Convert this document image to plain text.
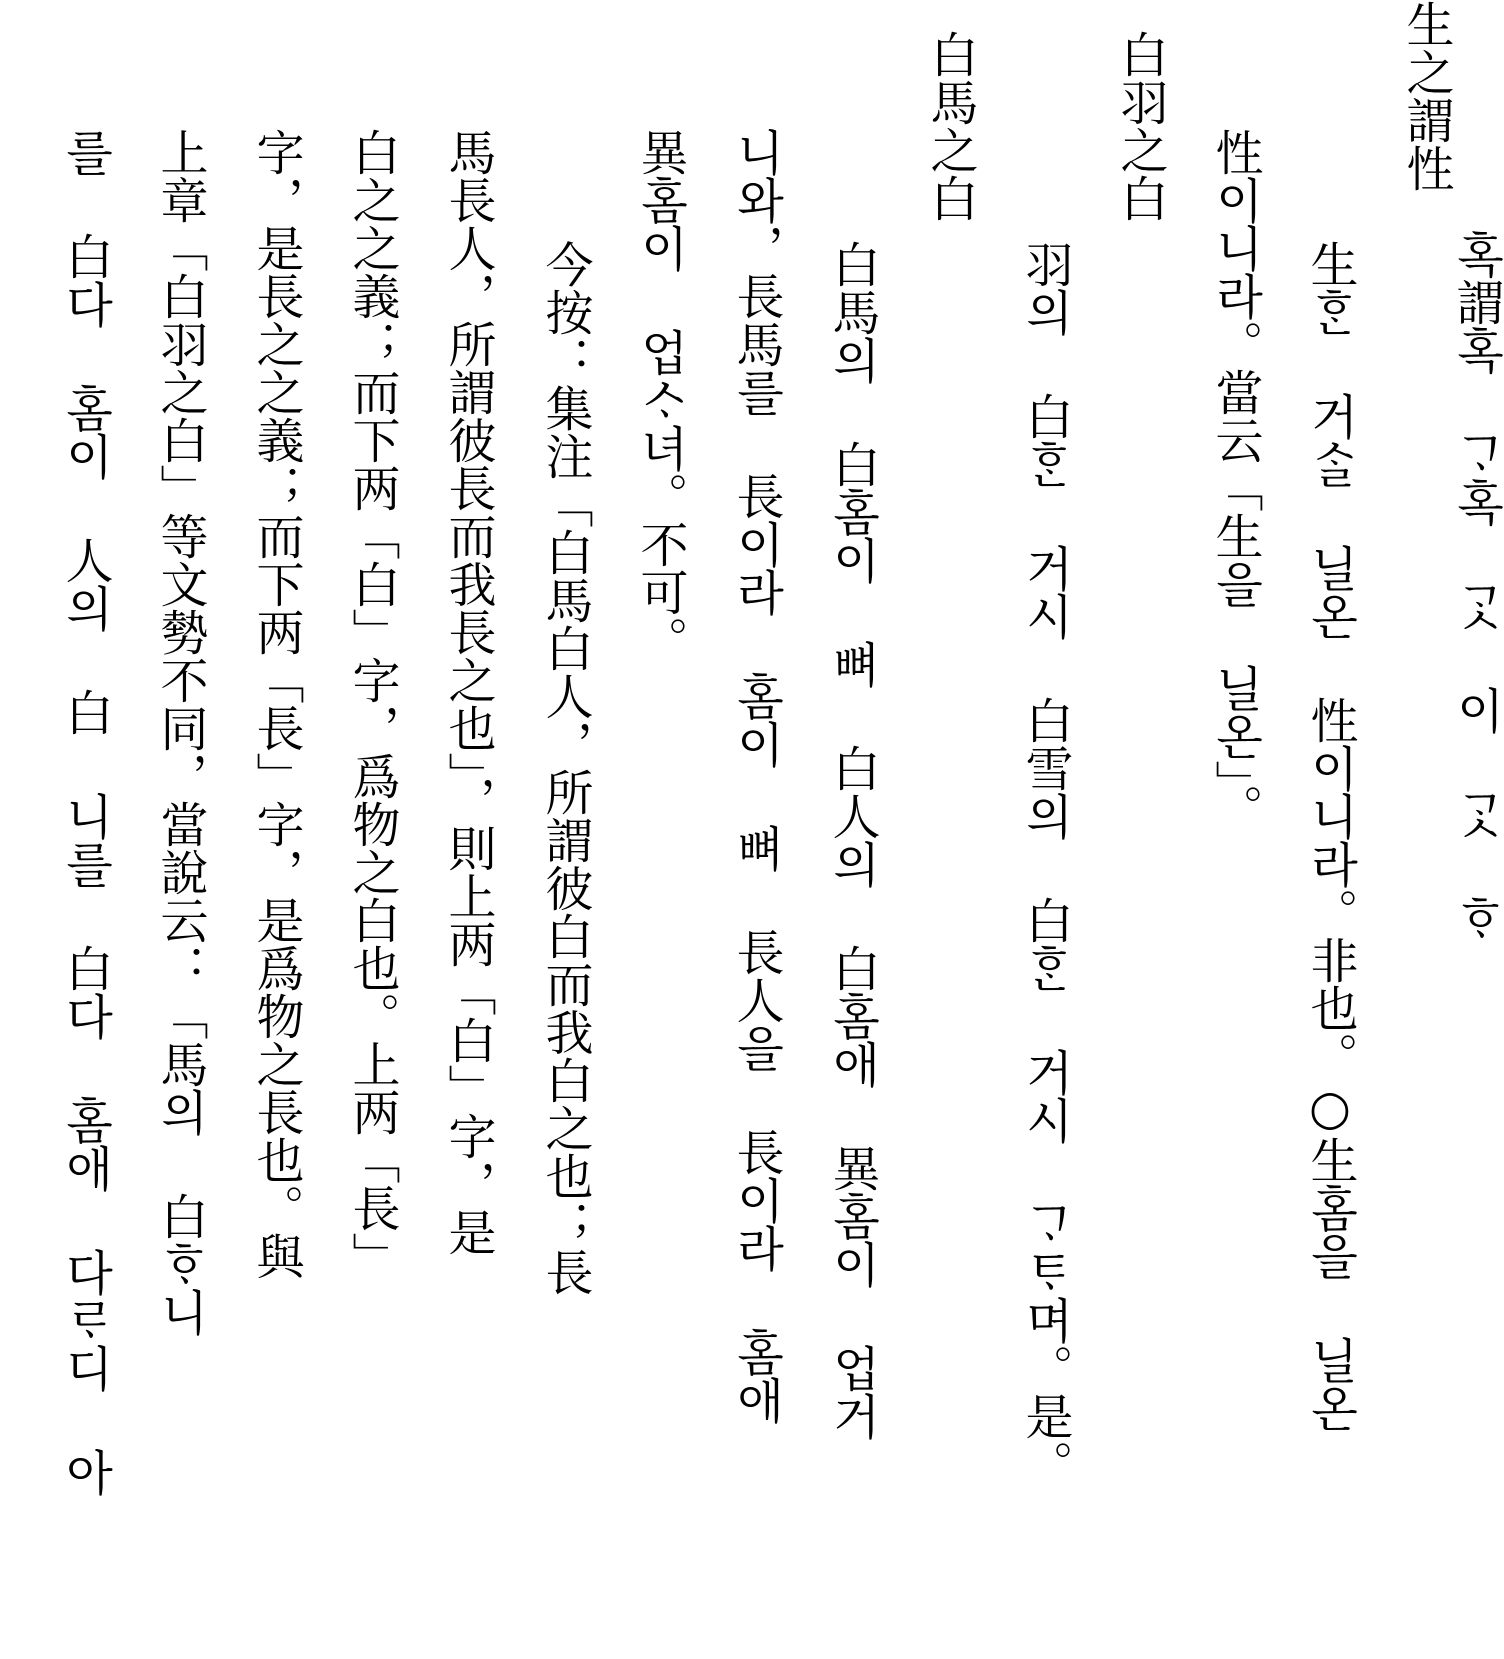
生之謂性
生ᄒᆞᆫ 거ᄉᆞᆯ 닐온 性이니라。非也。○生홈을 닐온
性이니라。當云「生을 닐온」。
白羽之白
羽의 白ᄒᆞᆫ 거시 白雪의 白ᄒᆞᆫ 거시 ᄀᆞᄐᆞ며。是。
白馬之白
白馬의 白홈이 뼈 白人의 白홈애 異홈이 업거
니와，長馬를 長이라 홈이 뼈 長人을 長이라 홈애
異홈이 업ᄉᆞ녀。不可。
今按：集注「白馬白人，所謂彼白而我白之也；長
馬長人，所謂彼長而我長之也」，則上两「白」字，是
白之之義；而下两「白」字，爲物之白也。上两「長」
字，是長之之義；而下两「長」字，是爲物之長也。與
上章「白羽之白」等文勢不同，當說云：「馬의 白ᄒᆞ니
를 白다 홈이 人의 白 니를 白다 홈애 다ᄅᆞ디 아	혹謂혹 ᄀᆞ혹 ᄀᆞᆺ 이 ᄀᆞᆺ ᄒᆞ
